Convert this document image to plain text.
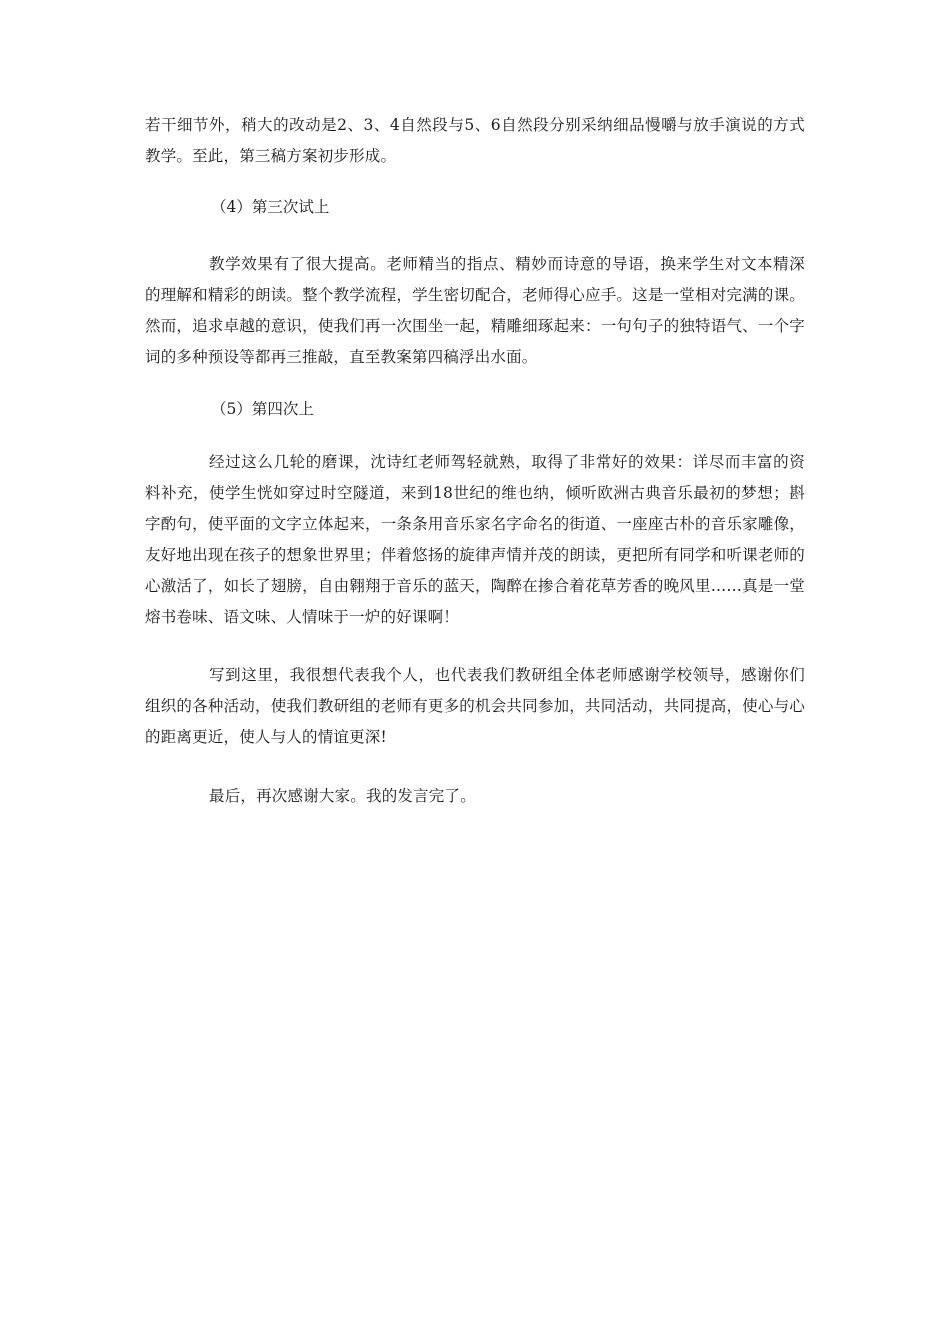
若干细节外，稍大的改动是2、3、4自然段与5、6自然段分别采纳细品慢嚼与放手演说的方式教学。至此，第三稿方案初步形成。

（4）第三次试上

教学效果有了很大提高。老师精当的指点、精妙而诗意的导语，换来学生对文本精深的理解和精彩的朗读。整个教学流程，学生密切配合，老师得心应手。这是一堂相对完满的课。然而，追求卓越的意识，使我们再一次围坐一起，精雕细琢起来：一句句子的独特语气、一个字词的多种预设等都再三推敲，直至教案第四稿浮出水面。

（5）第四次上

经过这么几轮的磨课，沈诗红老师驾轻就熟，取得了非常好的效果：详尽而丰富的资料补充，使学生恍如穿过时空隧道，来到18世纪的维也纳，倾听欧洲古典音乐最初的梦想；斟字酌句，使平面的文字立体起来，一条条用音乐家名字命名的街道、一座座古朴的音乐家雕像，友好地出现在孩子的想象世界里；伴着悠扬的旋律声情并茂的朗读，更把所有同学和听课老师的心激活了，如长了翅膀，自由翱翔于音乐的蓝天，陶醉在掺合着花草芳香的晚风里……真是一堂熔书卷味、语文味、人情味于一炉的好课啊！

写到这里，我很想代表我个人，也代表我们教研组全体老师感谢学校领导，感谢你们组织的各种活动，使我们教研组的老师有更多的机会共同参加，共同活动，共同提高，使心与心的距离更近，使人与人的情谊更深!

最后，再次感谢大家。我的发言完了。
